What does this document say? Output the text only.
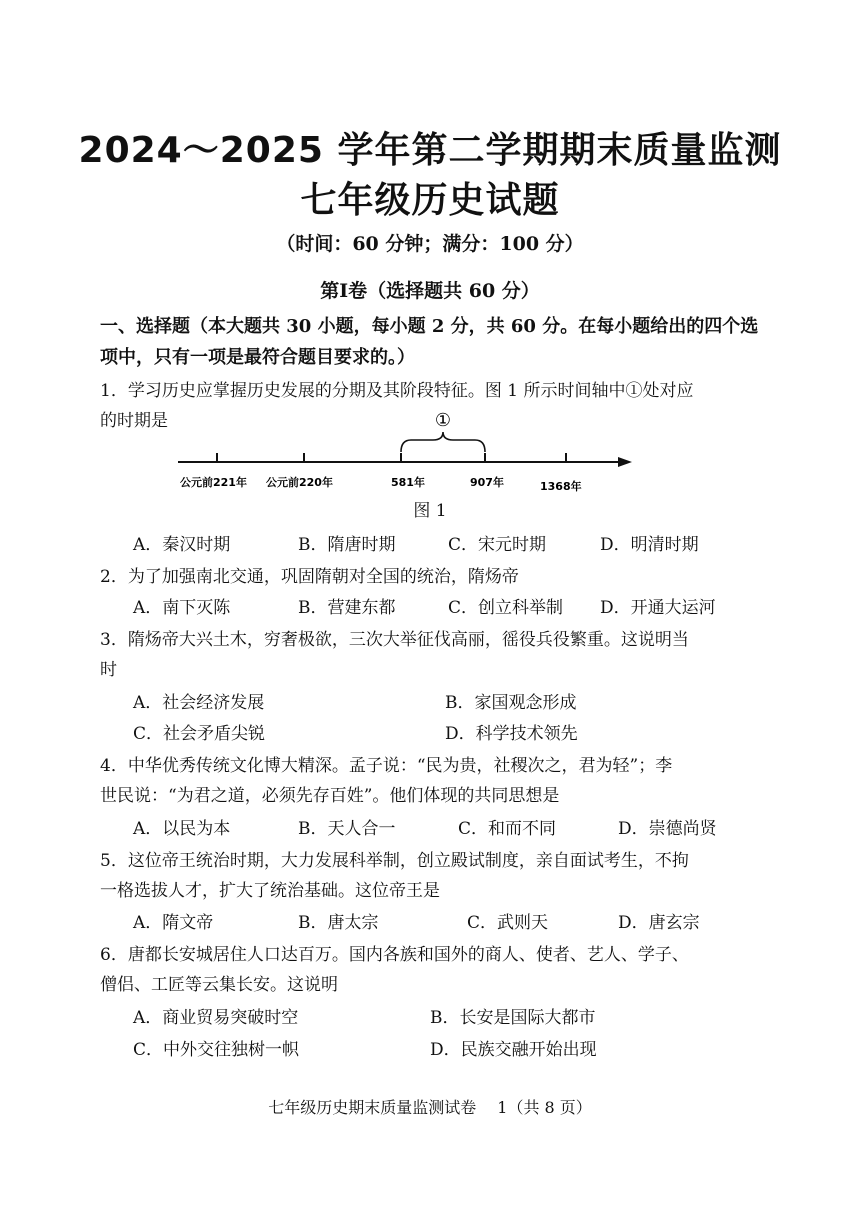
2024～2025 学年第二学期期末质量监测
七年级历史试题
（时间：60 分钟；满分：100 分）
第Ⅰ卷（选择题共 60 分）
一、选择题（本大题共 30 小题，每小题 2 分，共 60 分。在每小题给出的四个选
项中，只有一项是最符合题目要求的。）
1．学习历史应掌握历史发展的分期及其阶段特征。图 1 所示时间轴中①处对应
的时期是	①
公元前221年 公元前220年	581年	907年	1368年
图 1
A．秦汉时期	B．隋唐时期	C．宋元时期	D．明清时期
2．为了加强南北交通，巩固隋朝对全国的统治，隋炀帝
A．南下灭陈	B．营建东都	C．创立科举制 D．开通大运河
3．隋炀帝大兴土木，穷奢极欲，三次大举征伐高丽，徭役兵役繁重。这说明当
时
A．社会经济发展	B．家国观念形成
C．社会矛盾尖锐	D．科学技术领先
4．中华优秀传统文化博大精深。孟子说：“民为贵，社稷次之，君为轻”；李
世民说：“为君之道，必须先存百姓”。他们体现的共同思想是
A．以民为本	B．天人合一	C．和而不同	D．崇德尚贤
5．这位帝王统治时期，大力发展科举制，创立殿试制度，亲自面试考生，不拘
一格选拔人才，扩大了统治基础。这位帝王是
A．隋文帝	B．唐太宗	C．武则天	D．唐玄宗
6．唐都长安城居住人口达百万。国内各族和国外的商人、使者、艺人、学子、
僧侣、工匠等云集长安。这说明
A．商业贸易突破时空	B．长安是国际大都市
C．中外交往独树一帜	D．民族交融开始出现
七年级历史期末质量监测试卷　 1（共 8 页）
